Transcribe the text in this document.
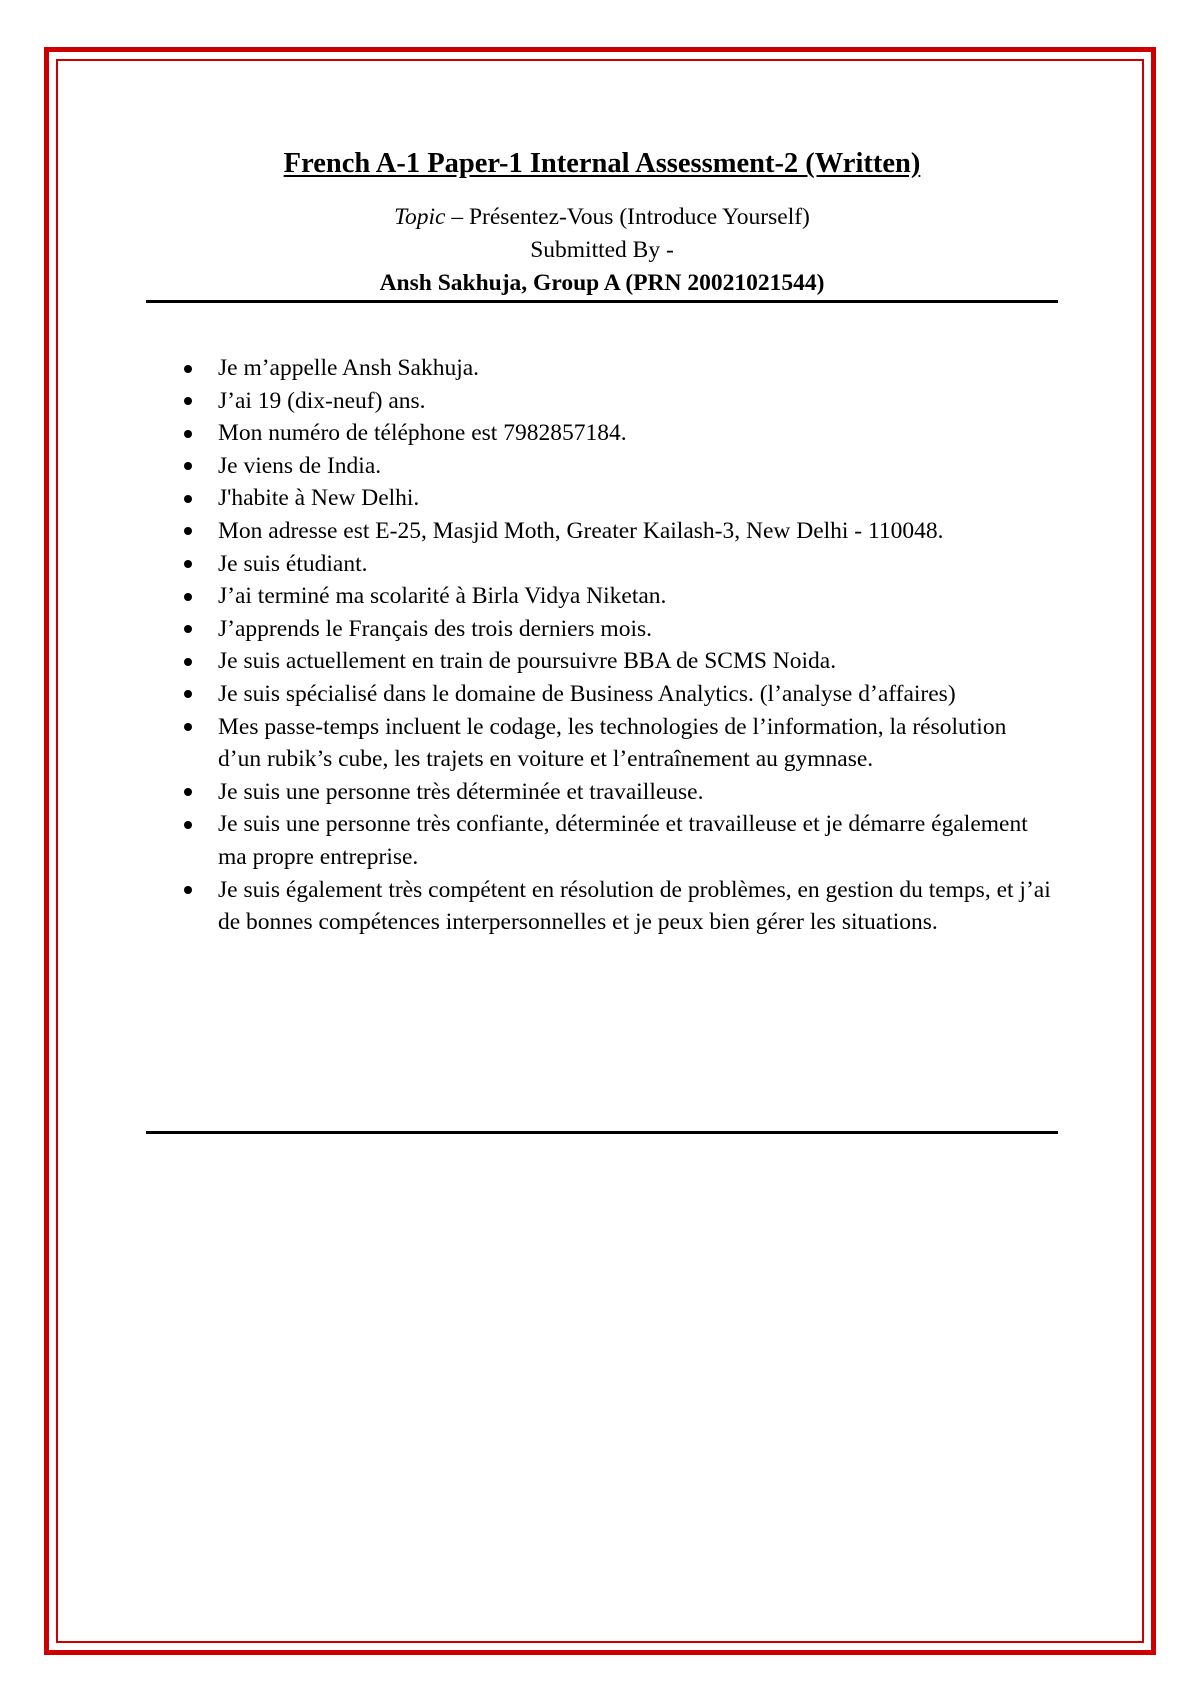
French A-1 Paper-1 Internal Assessment-2 (Written)
Topic – Présentez-Vous (Introduce Yourself)
Submitted By -
Ansh Sakhuja, Group A (PRN 20021021544)
Je m’appelle Ansh Sakhuja.
J’ai 19 (dix-neuf) ans.
Mon numéro de téléphone est 7982857184.
Je viens de India.
J'habite à New Delhi.
Mon adresse est E-25, Masjid Moth, Greater Kailash-3, New Delhi - 110048.
Je suis étudiant.
J’ai terminé ma scolarité à Birla Vidya Niketan.
J’apprends le Français des trois derniers mois.
Je suis actuellement en train de poursuivre BBA de SCMS Noida.
Je suis spécialisé dans le domaine de Business Analytics. (l’analyse d’affaires)
Mes passe-temps incluent le codage, les technologies de l’information, la résolution d’un rubik’s cube, les trajets en voiture et l’entraînement au gymnase.
Je suis une personne très déterminée et travailleuse.
Je suis une personne très confiante, déterminée et travailleuse et je démarre également ma propre entreprise.
Je suis également très compétent en résolution de problèmes, en gestion du temps, et j’ai de bonnes compétences interpersonnelles et je peux bien gérer les situations.
